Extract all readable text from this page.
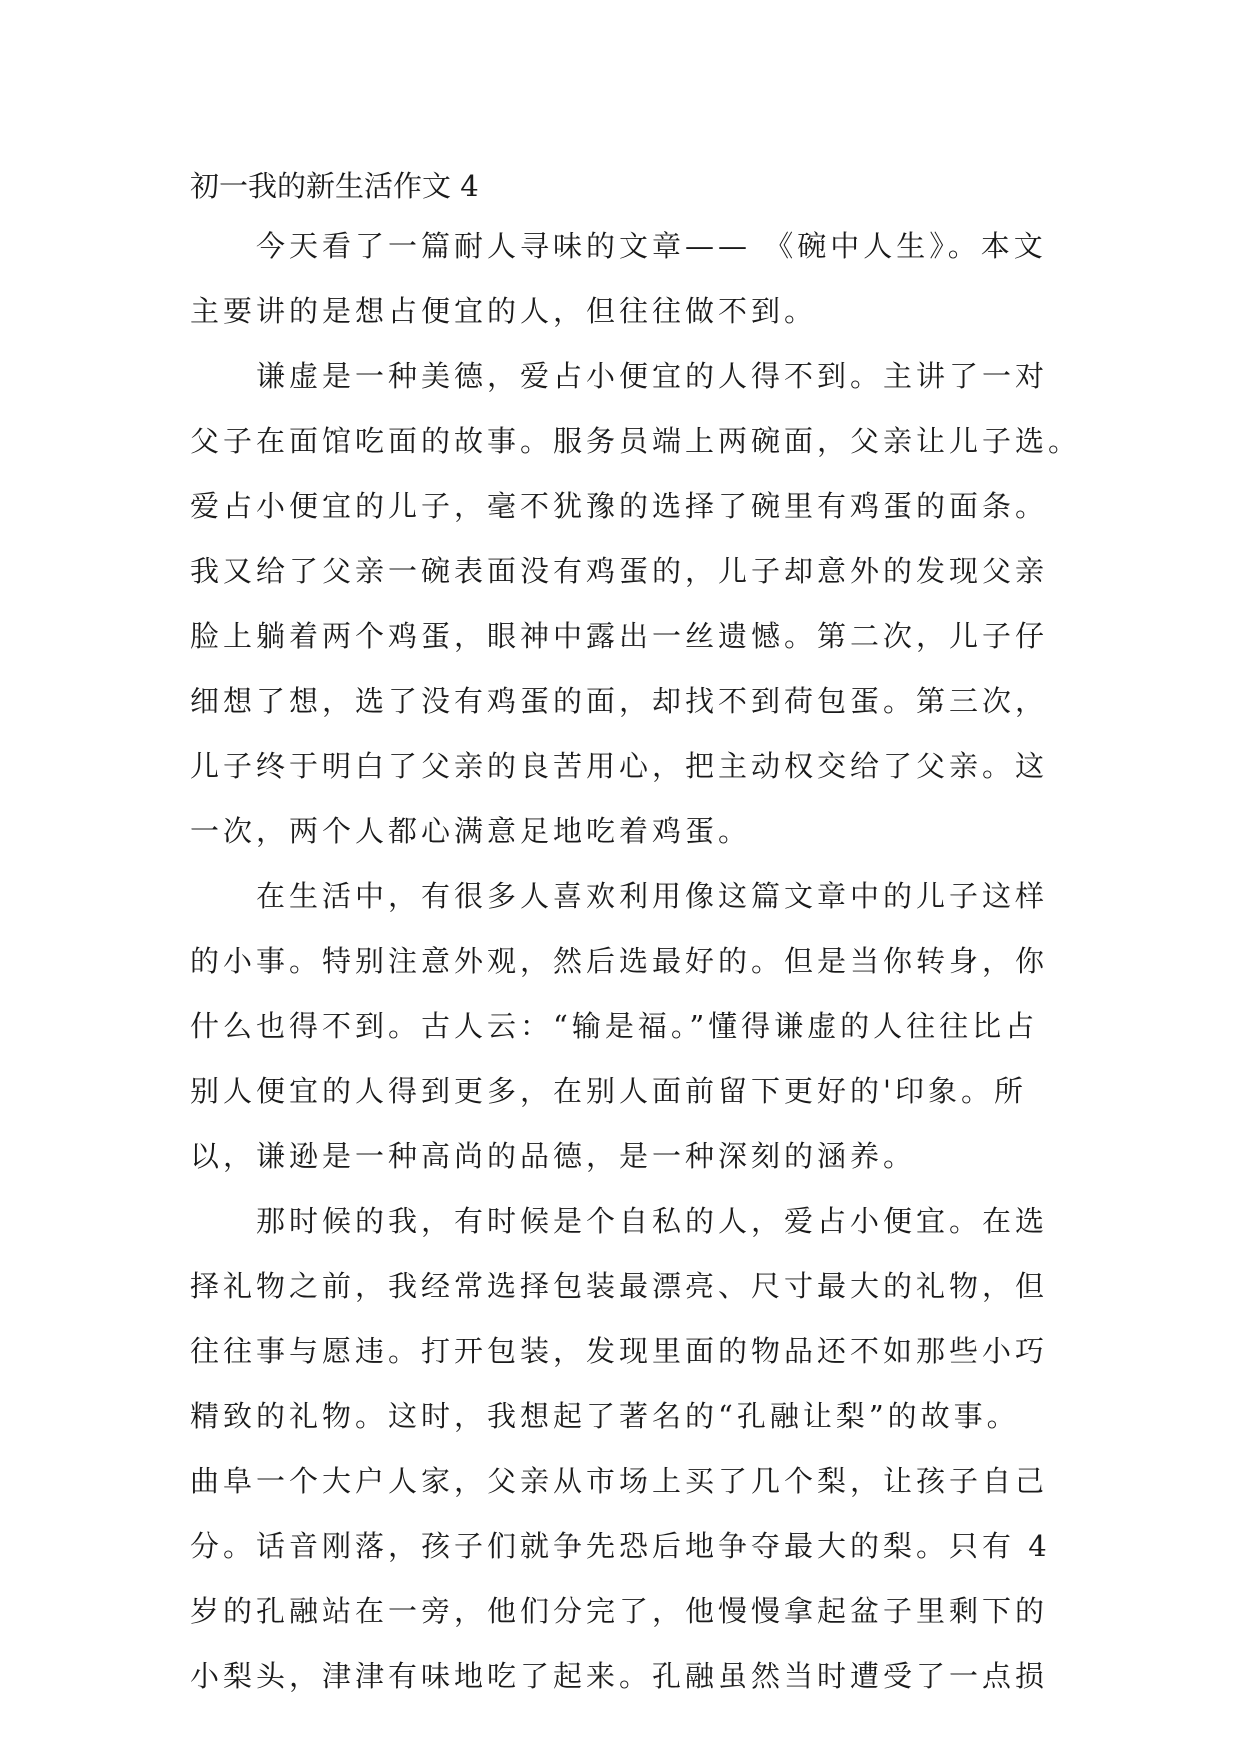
初一我的新生活作文 4
今天看了一篇耐人寻味的文章—— 《碗中人生》。本文
主要讲的是想占便宜的人，但往往做不到。
谦虚是一种美德，爱占小便宜的人得不到。主讲了一对
父子在面馆吃面的故事。服务员端上两碗面，父亲让儿子选。
爱占小便宜的儿子，毫不犹豫的选择了碗里有鸡蛋的面条。
我又给了父亲一碗表面没有鸡蛋的，儿子却意外的发现父亲
脸上躺着两个鸡蛋，眼神中露出一丝遗憾。第二次，儿子仔
细想了想，选了没有鸡蛋的面，却找不到荷包蛋。第三次，
儿子终于明白了父亲的良苦用心，把主动权交给了父亲。这
一次，两个人都心满意足地吃着鸡蛋。
在生活中，有很多人喜欢利用像这篇文章中的儿子这样
的小事。特别注意外观，然后选最好的。但是当你转身，你
什么也得不到。古人云：“输是福。”懂得谦虚的人往往比占
别人便宜的人得到更多，在别人面前留下更好的'印象。所
以，谦逊是一种高尚的品德，是一种深刻的涵养。
那时候的我，有时候是个自私的人，爱占小便宜。在选
择礼物之前，我经常选择包装最漂亮、尺寸最大的礼物，但
往往事与愿违。打开包装，发现里面的物品还不如那些小巧
精致的礼物。这时，我想起了著名的“孔融让梨”的故事。
曲阜一个大户人家，父亲从市场上买了几个梨，让孩子自己
分。话音刚落，孩子们就争先恐后地争夺最大的梨。只有 4
岁的孔融站在一旁，他们分完了，他慢慢拿起盆子里剩下的
小梨头，津津有味地吃了起来。孔融虽然当时遭受了一点损
